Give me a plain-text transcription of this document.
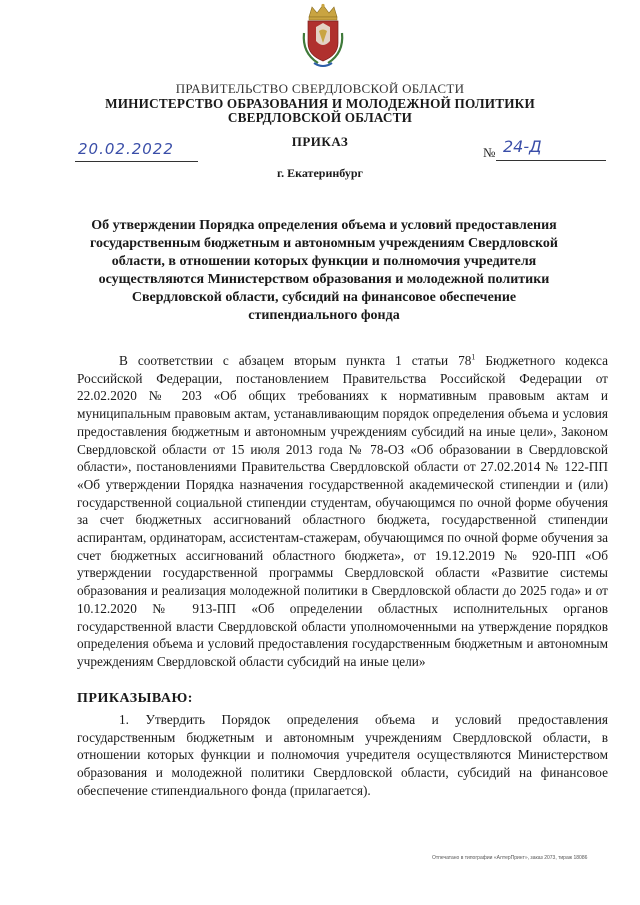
ПРАВИТЕЛЬСТВО СВЕРДЛОВСКОЙ ОБЛАСТИ
МИНИСТЕРСТВО ОБРАЗОВАНИЯ И МОЛОДЕЖНОЙ ПОЛИТИКИ
СВЕРДЛОВСКОЙ ОБЛАСТИ
ПРИКАЗ
20.02.2022	№ 24-Д
г. Екатеринбург
Об утверждении Порядка определения объема и условий предоставления государственным бюджетным и автономным учреждениям Свердловской области, в отношении которых функции и полномочия учредителя осуществляются Министерством образования и молодежной политики Свердловской области, субсидий на финансовое обеспечение стипендиального фонда
В соответствии с абзацем вторым пункта 1 статьи $78^1$ Бюджетного кодекса Российской Федерации, постановлением Правительства Российской Федерации от 22.02.2020 № 203 «Об общих требованиях к нормативным правовым актам и муниципальным правовым актам, устанавливающим порядок определения объема и условия предоставления бюджетным и автономным учреждениям субсидий на иные цели», Законом Свердловской области от 15 июля 2013 года № 78-ОЗ «Об образовании в Свердловской области», постановлениями Правительства Свердловской области от 27.02.2014 № 122-ПП «Об утверждении Порядка назначения государственной академической стипендии и (или) государственной социальной стипендии студентам, обучающимся по очной форме обучения за счет бюджетных ассигнований областного бюджета, государственной стипендии аспирантам, ординаторам, ассистентам-стажерам, обучающимся по очной форме обучения за счет бюджетных ассигнований областного бюджета», от 19.12.2019 № 920-ПП «Об утверждении государственной программы Свердловской области «Развитие системы образования и реализация молодежной политики в Свердловской области до 2025 года» и от 10.12.2020 № 913-ПП «Об определении областных исполнительных органов государственной власти Свердловской области уполномоченными на утверждение порядков определения объема и условий предоставления государственным бюджетным и автономным учреждениям Свердловской области субсидий на иные цели»
ПРИКАЗЫВАЮ:
1. Утвердить Порядок определения объема и условий предоставления государственным бюджетным и автономным учреждениям Свердловской области, в отношении которых функции и полномочия учредителя осуществляются Министерством образования и молодежной политики Свердловской области, субсидий на финансовое обеспечение стипендиального фонда (прилагается).
Отпечатано в типографии «АлтерПринт», заказ 2073, тираж 18086
